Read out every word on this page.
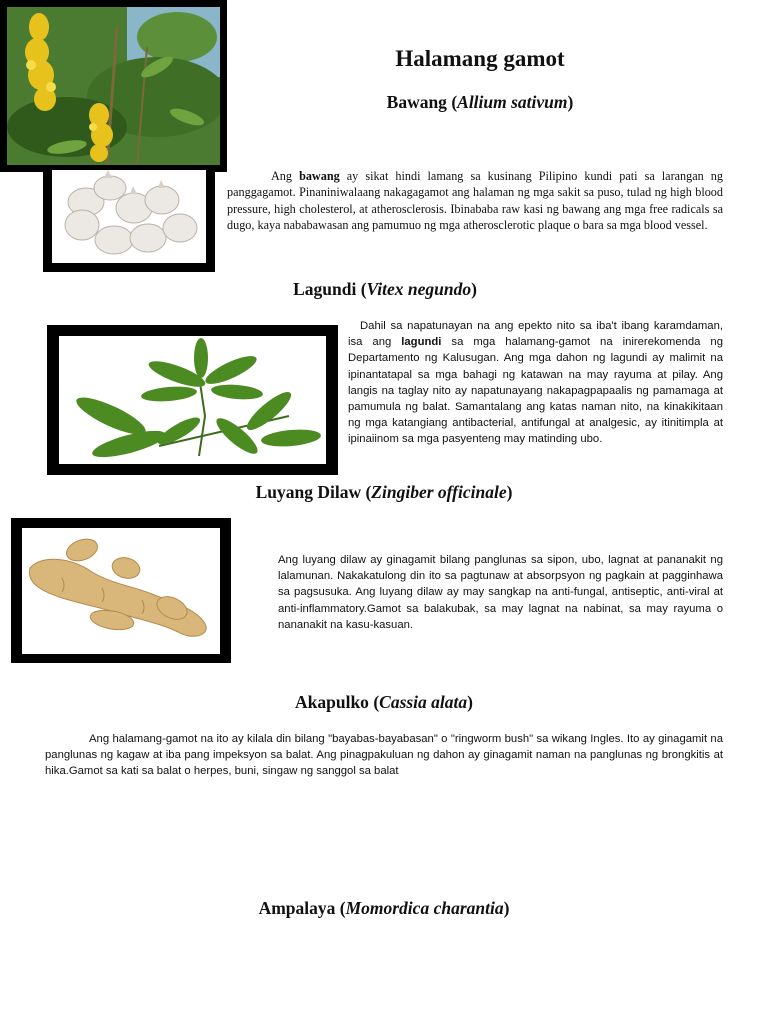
Halamang gamot
Bawang (Allium sativum)
Ang bawang ay sikat hindi lamang sa kusinang Pilipino kundi pati sa larangan ng panggagamot. Pinaniniwalaang nakagagamot ang halaman ng mga sakit sa puso, tulad ng high blood pressure, high cholesterol, at atherosclerosis. Ibinababa raw kasi ng bawang ang mga free radicals sa dugo, kaya nababawasan ang pamumuo ng mga atherosclerotic plaque o bara sa mga blood vessel.
Lagundi (Vitex negundo)
Dahil sa napatunayan na ang epekto nito sa iba't ibang karamdaman, isa ang lagundi sa mga halamang-gamot na inirerekomenda ng Departamento ng Kalusugan. Ang mga dahon ng lagundi ay malimit na ipinantatapal sa mga bahagi ng katawan na may rayuma at pilay. Ang langis na taglay nito ay napatunayang nakapagpapaalis ng pamamaga at pamumula ng balat. Samantalang ang katas naman nito, na kinakikitaan ng mga katangiang antibacterial, antifungal at analgesic, ay itinitimpla at ipinaiinom sa mga pasyenteng may matinding ubo.
Luyang Dilaw (Zingiber officinale)
Ang luyang dilaw ay ginagamit bilang panglunas sa sipon, ubo, lagnat at pananakit ng lalamunan. Nakakatulong din ito sa pagtunaw at absorpsyon ng pagkain at pagginhawa sa pagsusuka. Ang luyang dilaw ay may sangkap na anti-fungal, antiseptic, anti-viral at anti-inflammatory.Gamot sa balakubak, sa may lagnat na nabinat, sa may rayuma o nananakit na kasu-kasuan.
Akapulko (Cassia alata)
Ang halamang-gamot na ito ay kilala din bilang "bayabas-bayabasan" o "ringworm bush" sa wikang Ingles. Ito ay ginagamit na panglunas ng kagaw at iba pang impeksyon sa balat. Ang pinagpakuluan ng dahon ay ginagamit naman na panglunas ng brongkitis at hika.Gamot sa kati sa balat o herpes, buni, singaw ng sanggol sa balat
Ampalaya (Momordica charantia)
